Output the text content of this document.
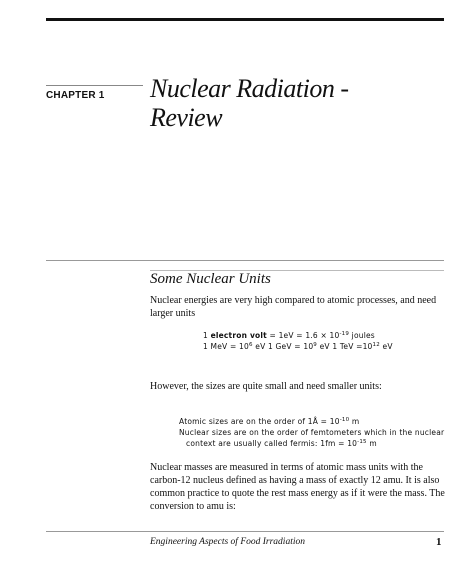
CHAPTER 1 Nuclear Radiation -
Review
Some Nuclear Units
Nuclear energies are very high compared to atomic processes, and need larger units
1 electron volt = $1eV = 1.6 \times 10^{-19}$ joules
1 MeV = $10^6$ eV 1 GeV = $10^9$ eV 1 TeV $=10^{12}$ eV
However, the sizes are quite small and need smaller units:
Atomic sizes are on the order of 1Å = $10^{-10}$ m
Nuclear sizes are on the order of femtometers which in the nuclear
context are usually called fermis: $1fm = 10^{-15}$ m
Nuclear masses are measured in terms of atomic mass units with the carbon-12 nucleus defined as having a mass of exactly 12 amu. It is also common practice to quote the rest mass energy as if it were the mass. The conversion to amu is:
Engineering Aspects of Food Irradiation	1
